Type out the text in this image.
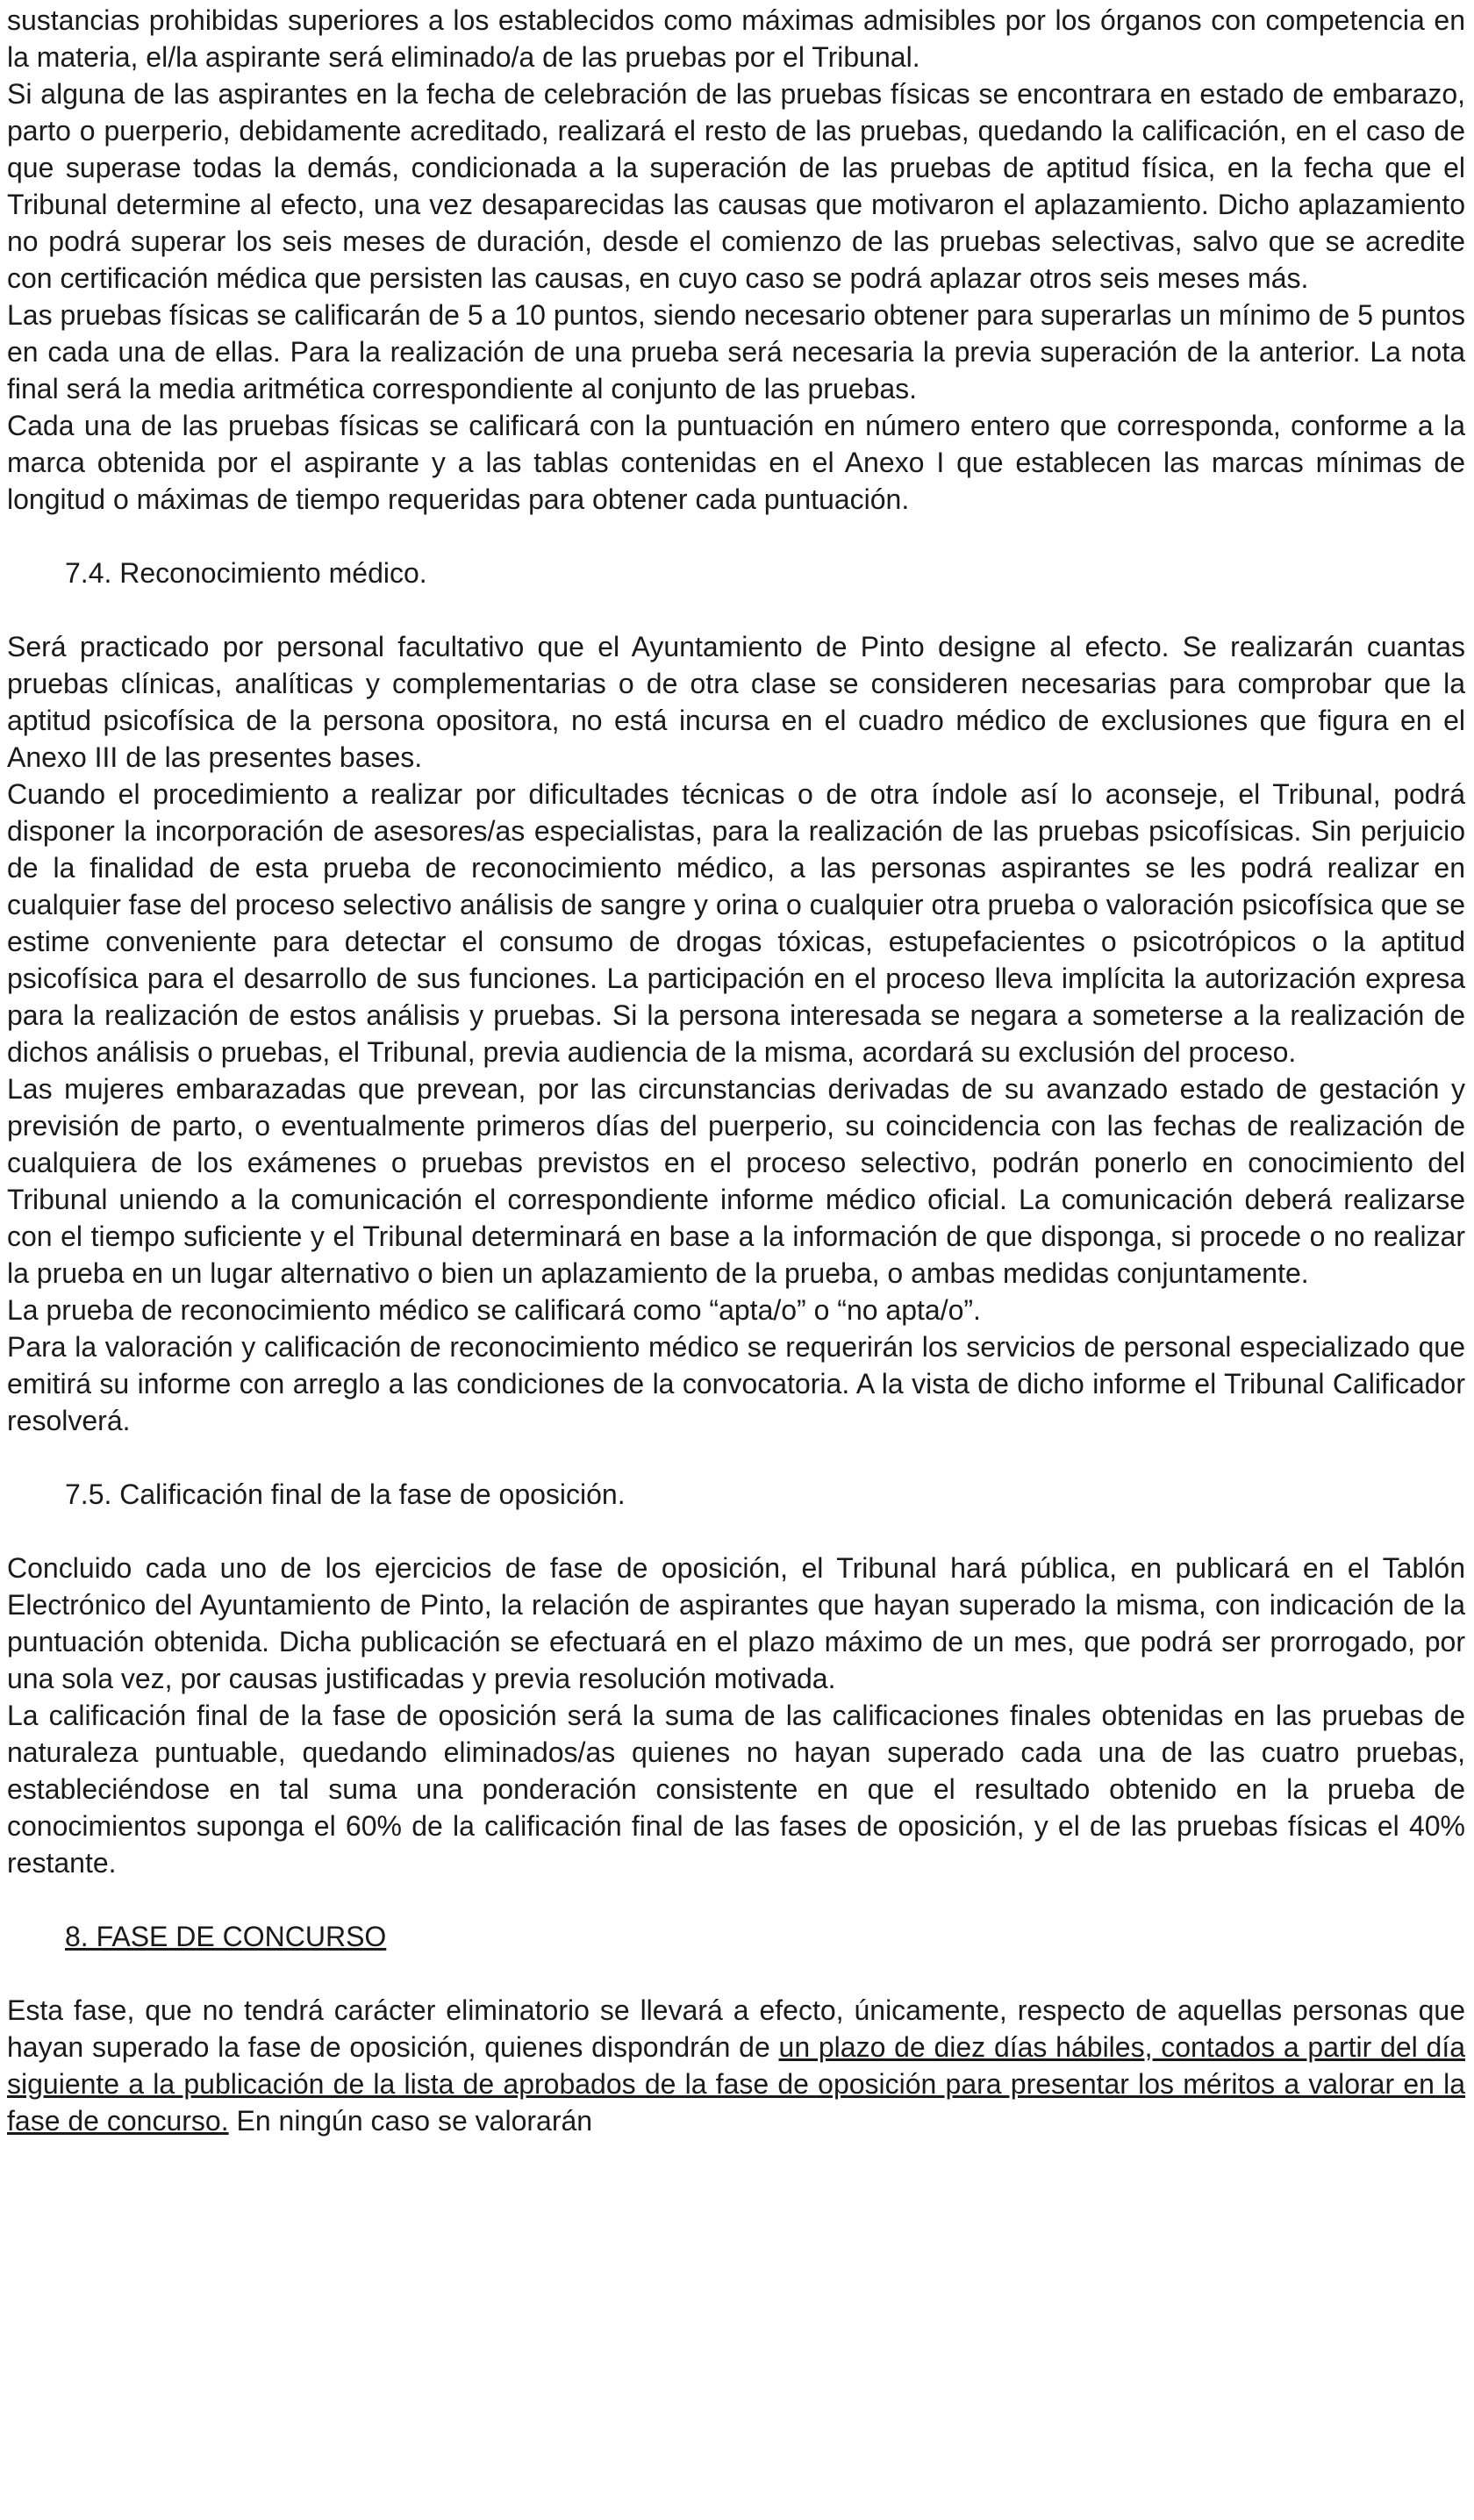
sustancias prohibidas superiores a los establecidos como máximas admisibles por los órganos con competencia en la materia, el/la aspirante será eliminado/a de las pruebas por el Tribunal.

Si alguna de las aspirantes en la fecha de celebración de las pruebas físicas se encontrara en estado de embarazo, parto o puerperio, debidamente acreditado, realizará el resto de las pruebas, quedando la calificación, en el caso de que superase todas la demás, condicionada a la superación de las pruebas de aptitud física, en la fecha que el Tribunal determine al efecto, una vez desaparecidas las causas que motivaron el aplazamiento. Dicho aplazamiento no podrá superar los seis meses de duración, desde el comienzo de las pruebas selectivas, salvo que se acredite con certificación médica que persisten las causas, en cuyo caso se podrá aplazar otros seis meses más.

Las pruebas físicas se calificarán de 5 a 10 puntos, siendo necesario obtener para superarlas un mínimo de 5 puntos en cada una de ellas. Para la realización de una prueba será necesaria la previa superación de la anterior. La nota final será la media aritmética correspondiente al conjunto de las pruebas.

Cada una de las pruebas físicas se calificará con la puntuación en número entero que corresponda, conforme a la marca obtenida por el aspirante y a las tablas contenidas en el Anexo I que establecen las marcas mínimas de longitud o máximas de tiempo requeridas para obtener cada puntuación.

7.4. Reconocimiento médico.

Será practicado por personal facultativo que el Ayuntamiento de Pinto designe al efecto. Se realizarán cuantas pruebas clínicas, analíticas y complementarias o de otra clase se consideren necesarias para comprobar que la aptitud psicofísica de la persona opositora, no está incursa en el cuadro médico de exclusiones que figura en el Anexo III de las presentes bases.

Cuando el procedimiento a realizar por dificultades técnicas o de otra índole así lo aconseje, el Tribunal, podrá disponer la incorporación de asesores/as especialistas, para la realización de las pruebas psicofísicas. Sin perjuicio de la finalidad de esta prueba de reconocimiento médico, a las personas aspirantes se les podrá realizar en cualquier fase del proceso selectivo análisis de sangre y orina o cualquier otra prueba o valoración psicofísica que se estime conveniente para detectar el consumo de drogas tóxicas, estupefacientes o psicotrópicos o la aptitud psicofísica para el desarrollo de sus funciones. La participación en el proceso lleva implícita la autorización expresa para la realización de estos análisis y pruebas. Si la persona interesada se negara a someterse a la realización de dichos análisis o pruebas, el Tribunal, previa audiencia de la misma, acordará su exclusión del proceso.

Las mujeres embarazadas que prevean, por las circunstancias derivadas de su avanzado estado de gestación y previsión de parto, o eventualmente primeros días del puerperio, su coincidencia con las fechas de realización de cualquiera de los exámenes o pruebas previstos en el proceso selectivo, podrán ponerlo en conocimiento del Tribunal uniendo a la comunicación el correspondiente informe médico oficial. La comunicación deberá realizarse con el tiempo suficiente y el Tribunal determinará en base a la información de que disponga, si procede o no realizar la prueba en un lugar alternativo o bien un aplazamiento de la prueba, o ambas medidas conjuntamente.

La prueba de reconocimiento médico se calificará como “apta/o” o “no apta/o”.

Para la valoración y calificación de reconocimiento médico se requerirán los servicios de personal especializado que emitirá su informe con arreglo a las condiciones de la convocatoria. A la vista de dicho informe el Tribunal Calificador resolverá.

7.5. Calificación final de la fase de oposición.

Concluido cada uno de los ejercicios de fase de oposición, el Tribunal hará pública, en publicará en el Tablón Electrónico del Ayuntamiento de Pinto, la relación de aspirantes que hayan superado la misma, con indicación de la puntuación obtenida. Dicha publicación se efectuará en el plazo máximo de un mes, que podrá ser prorrogado, por una sola vez, por causas justificadas y previa resolución motivada.

La calificación final de la fase de oposición será la suma de las calificaciones finales obtenidas en las pruebas de naturaleza puntuable, quedando eliminados/as quienes no hayan superado cada una de las cuatro pruebas, estableciéndose en tal suma una ponderación consistente en que el resultado obtenido en la prueba de conocimientos suponga el 60% de la calificación final de las fases de oposición, y el de las pruebas físicas el 40% restante.

8. FASE DE CONCURSO

Esta fase, que no tendrá carácter eliminatorio se llevará a efecto, únicamente, respecto de aquellas personas que hayan superado la fase de oposición, quienes dispondrán de un plazo de diez días hábiles, contados a partir del día siguiente a la publicación de la lista de aprobados de la fase de oposición para presentar los méritos a valorar en la fase de concurso. En ningún caso se valorarán
